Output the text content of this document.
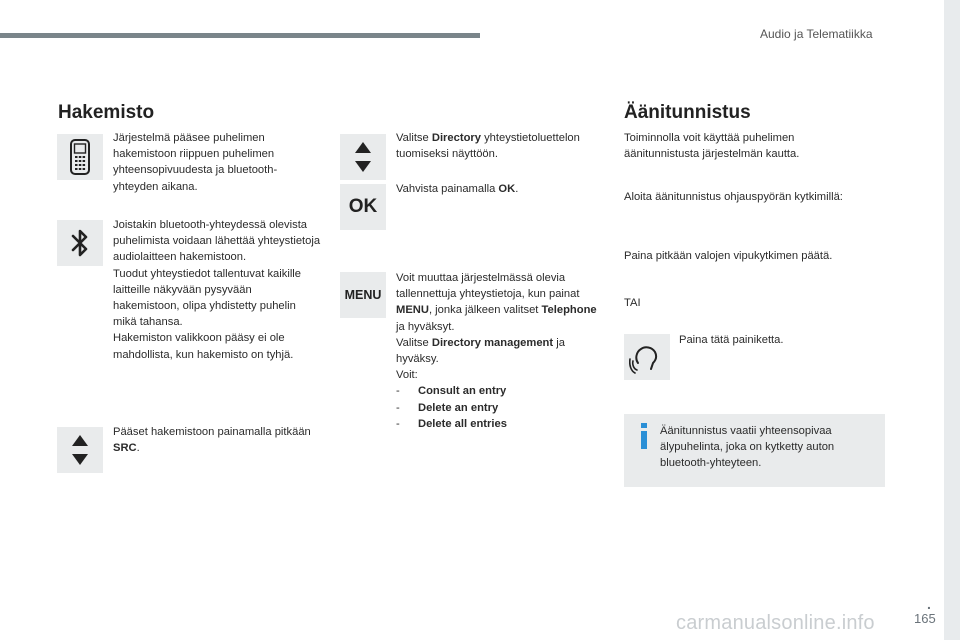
Audio ja Telematiikka
Hakemisto
Järjestelmä pääsee puhelimen hakemistoon riippuen puhelimen yhteensopivuudesta ja bluetooth-yhteyden aikana.
Joistakin bluetooth-yhteydessä olevista puhelimista voidaan lähettää yhteystietoja audiolaitteen hakemistoon.
Tuodut yhteystiedot tallentuvat kaikille laitteille näkyvään pysyvään hakemistoon, olipa yhdistetty puhelin mikä tahansa.
Hakemiston valikkoon pääsy ei ole mahdollista, kun hakemisto on tyhjä.
Pääset hakemistoon painamalla pitkään SRC.
Valitse Directory yhteystietoluettelon tuomiseksi näyttöön.
OK
Vahvista painamalla OK.
MENU
Voit muuttaa järjestelmässä olevia tallennettuja yhteystietoja, kun painat MENU, jonka jälkeen valitset Telephone ja hyväksyt.
Valitse Directory management ja hyväksy.
Voit:
- Consult an entry
- Delete an entry
- Delete all entries
Äänitunnistus
Toiminnolla voit käyttää puhelimen äänitunnistusta järjestelmän kautta.
Aloita äänitunnistus ohjauspyörän kytkimillä:
Paina pitkään valojen vipukytkimen päätä.
TAI
Paina tätä painiketta.
Äänitunnistus vaatii yhteensopivaa älypuhelinta, joka on kytketty auton bluetooth-yhteyteen.
carmanualsonline.info
.
165
